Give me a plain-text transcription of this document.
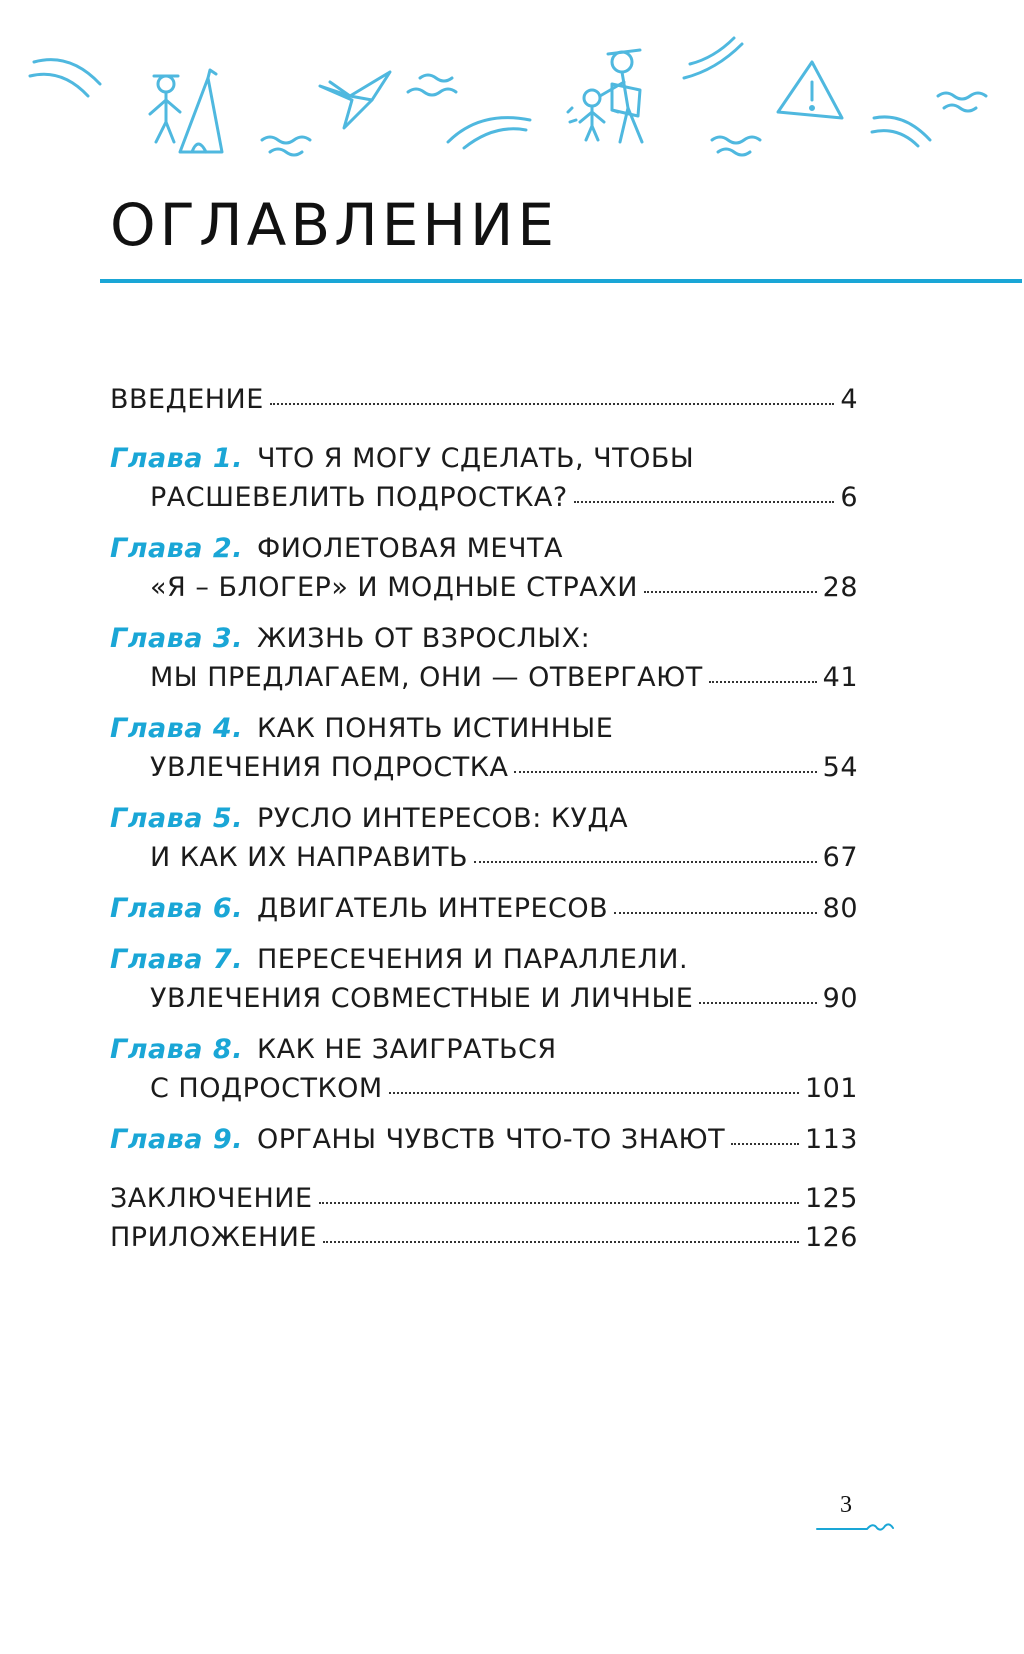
ОГЛАВЛЕНИЕ
ВВЕДЕНИЕ	4
Глава 1. ЧТО Я МОГУ СДЕЛАТЬ, ЧТОБЫ
РАСШЕВЕЛИТЬ ПОДРОСТКА?	6
Глава 2. ФИОЛЕТОВАЯ МЕЧТА
«Я – БЛОГЕР» И МОДНЫЕ СТРАХИ	28
Глава 3. ЖИЗНЬ ОТ ВЗРОСЛЫХ:
МЫ ПРЕДЛАГАЕМ, ОНИ — ОТВЕРГАЮТ	41
Глава 4. КАК ПОНЯТЬ ИСТИННЫЕ
УВЛЕЧЕНИЯ ПОДРОСТКА	54
Глава 5. РУСЛО ИНТЕРЕСОВ: КУДА
И КАК ИХ НАПРАВИТЬ	67
Глава 6. ДВИГАТЕЛЬ ИНТЕРЕСОВ	80
Глава 7. ПЕРЕСЕЧЕНИЯ И ПАРАЛЛЕЛИ.
УВЛЕЧЕНИЯ СОВМЕСТНЫЕ И ЛИЧНЫЕ	90
Глава 8. КАК НЕ ЗАИГРАТЬСЯ
С ПОДРОСТКОМ	101
Глава 9. ОРГАНЫ ЧУВСТВ ЧТО-ТО ЗНАЮТ	113
ЗАКЛЮЧЕНИЕ	125
ПРИЛОЖЕНИЕ	126
3
